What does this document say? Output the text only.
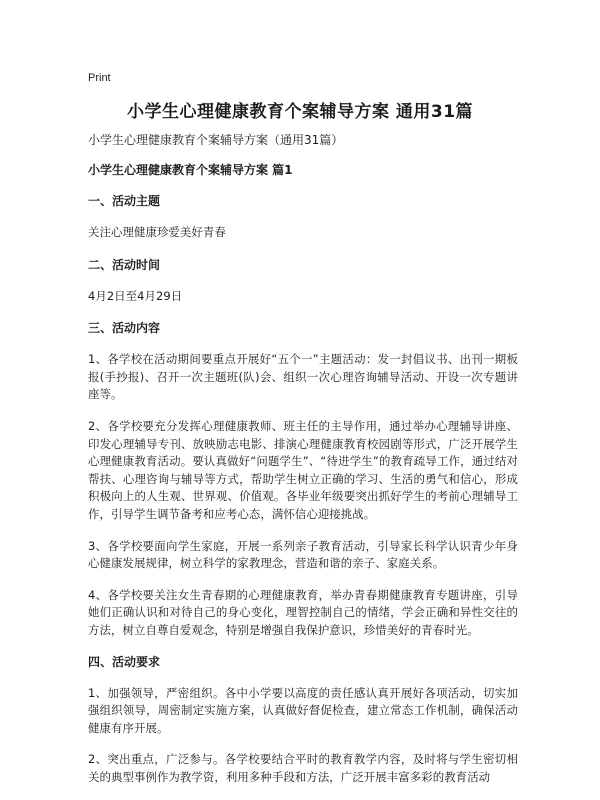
Print
小学生心理健康教育个案辅导方案 通用31篇

小学生心理健康教育个案辅导方案（通用31篇）

小学生心理健康教育个案辅导方案 篇1

一、活动主题

关注心理健康珍爱美好青春

二、活动时间

4月2日至4月29日

三、活动内容

1、各学校在活动期间要重点开展好“五个一”主题活动：发一封倡议书、出刊一期板报(手抄报)、召开一次主题班(队)会、组织一次心理咨询辅导活动、开设一次专题讲座等。

2、各学校要充分发挥心理健康教师、班主任的主导作用，通过举办心理辅导讲座、印发心理辅导专刊、放映励志电影、排演心理健康教育校园剧等形式，广泛开展学生心理健康教育活动。要认真做好“问题学生”、“待进学生”的教育疏导工作，通过结对帮扶、心理咨询与辅导等方式，帮助学生树立正确的学习、生活的勇气和信心，形成积极向上的人生观、世界观、价值观。各毕业年级要突出抓好学生的考前心理辅导工作，引导学生调节备考和应考心态，满怀信心迎接挑战。

3、各学校要面向学生家庭，开展一系列亲子教育活动，引导家长科学认识青少年身心健康发展规律，树立科学的家教理念，营造和谐的亲子、家庭关系。

4、各学校要关注女生青春期的心理健康教育，举办青春期健康教育专题讲座，引导她们正确认识和对待自己的身心变化，理智控制自己的情绪，学会正确和异性交往的方法，树立自尊自爱观念，特别是增强自我保护意识，珍惜美好的青春时光。

四、活动要求

1、加强领导，严密组织。各中小学要以高度的责任感认真开展好各项活动，切实加强组织领导，周密制定实施方案，认真做好督促检查，建立常态工作机制，确保活动健康有序开展。

2、突出重点，广泛参与。各学校要结合平时的教育教学内容，及时将与学生密切相关的典型事例作为教学资，利用多种手段和方法，广泛开展丰富多彩的教育活动
